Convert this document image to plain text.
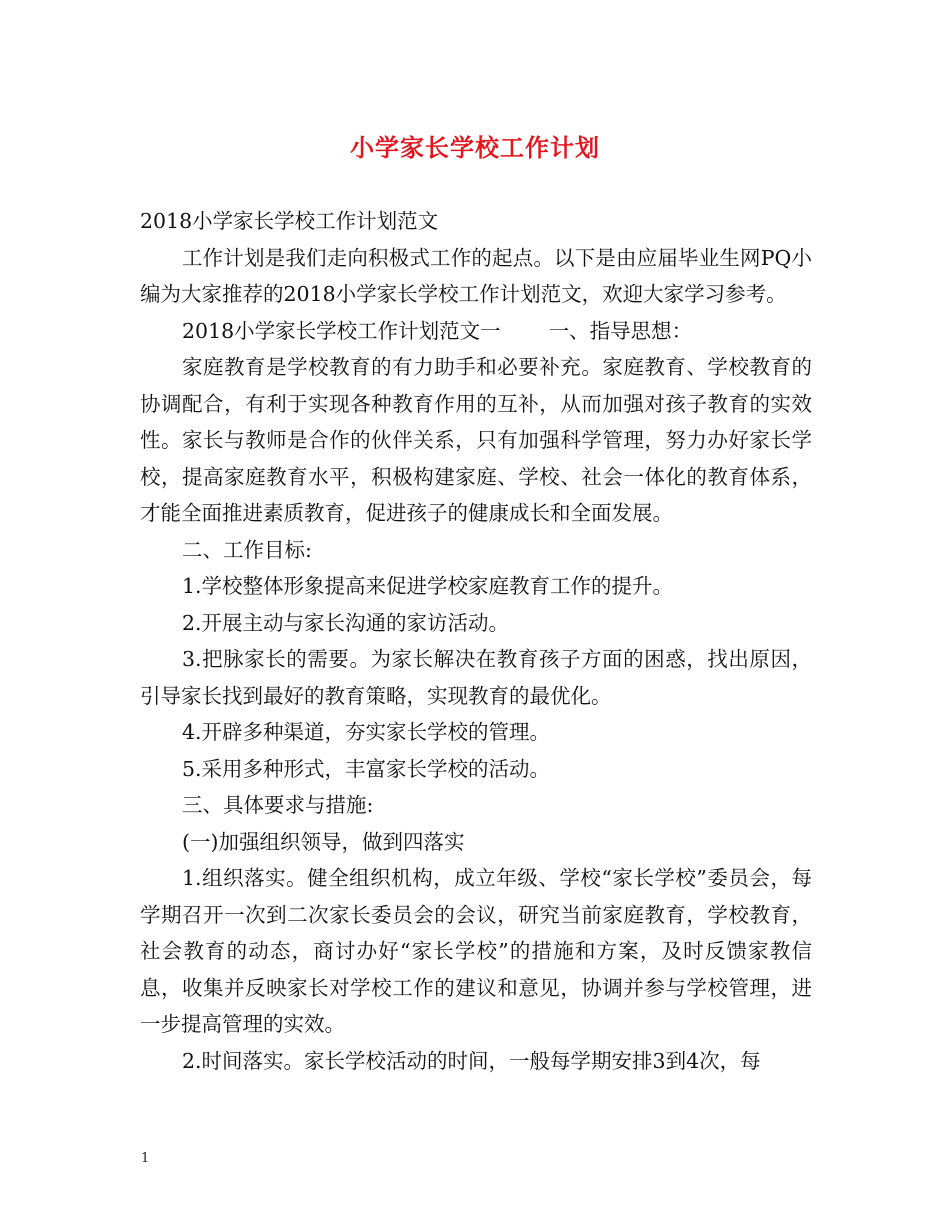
小学家长学校工作计划

2018小学家长学校工作计划范文

工作计划是我们走向积极式工作的起点。以下是由应届毕业生网PQ小编为大家推荐的2018小学家长学校工作计划范文，欢迎大家学习参考。

2018小学家长学校工作计划范文一 一、指导思想：

家庭教育是学校教育的有力助手和必要补充。家庭教育、学校教育的协调配合，有利于实现各种教育作用的互补，从而加强对孩子教育的实效性。家长与教师是合作的伙伴关系，只有加强科学管理，努力办好家长学校，提高家庭教育水平，积极构建家庭、学校、社会一体化的教育体系，才能全面推进素质教育，促进孩子的健康成长和全面发展。

二、工作目标:

1.学校整体形象提高来促进学校家庭教育工作的提升。

2.开展主动与家长沟通的家访活动。

3.把脉家长的需要。为家长解决在教育孩子方面的困惑，找出原因，引导家长找到最好的教育策略，实现教育的最优化。

4.开辟多种渠道，夯实家长学校的管理。

5.采用多种形式，丰富家长学校的活动。

三、具体要求与措施:

(一)加强组织领导，做到四落实

1.组织落实。健全组织机构，成立年级、学校“家长学校”委员会，每学期召开一次到二次家长委员会的会议，研究当前家庭教育，学校教育，社会教育的动态，商讨办好“家长学校”的措施和方案，及时反馈家教信息，收集并反映家长对学校工作的建议和意见，协调并参与学校管理，进一步提高管理的实效。

2.时间落实。家长学校活动的时间，一般每学期安排3到4次，每

1
